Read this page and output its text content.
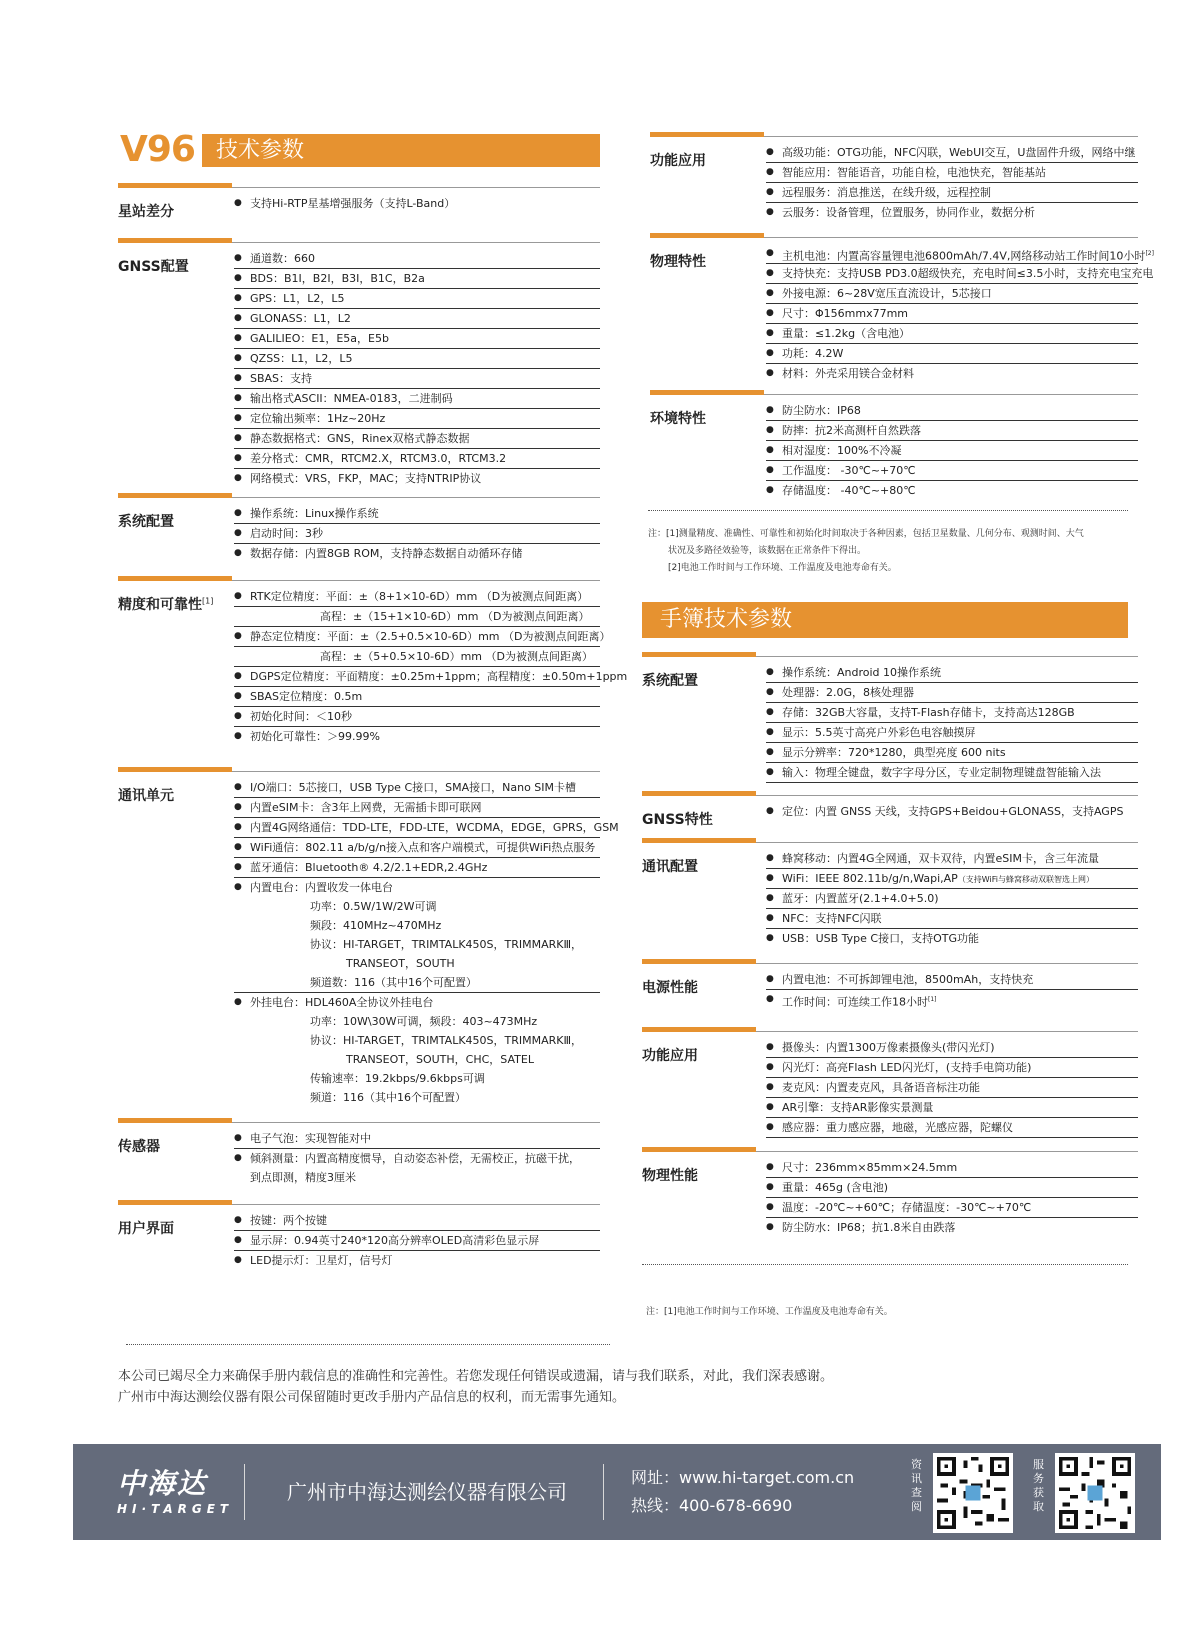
V96 技术参数
星站差分
● 支持Hi-RTP星基增强服务（支持L-Band）
GNSS配置
● 通道数：660
● BDS：B1I，B2I，B3I，B1C，B2a
● GPS：L1，L2，L5
● GLONASS：L1，L2
● GALILIEO：E1，E5a，E5b
● QZSS：L1，L2，L5
● SBAS：支持
● 输出格式ASCII：NMEA-0183，二进制码
● 定位输出频率：1Hz~20Hz
● 静态数据格式：GNS，Rinex双格式静态数据
● 差分格式：CMR，RTCM2.X，RTCM3.0，RTCM3.2
● 网络模式：VRS，FKP，MAC；支持NTRIP协议
系统配置
● 操作系统：Linux操作系统
● 启动时间：3秒
● 数据存储：内置8GB ROM，支持静态数据自动循环存储
精度和可靠性[1]	● RTK定位精度：平面：±（8+1×10-6D）mm （D为被测点间距离）
高程：±（15+1×10-6D）mm （D为被测点间距离）
● 静态定位精度：平面：±（2.5+0.5×10-6D）mm （D为被测点间距离）
高程：±（5+0.5×10-6D）mm （D为被测点间距离）
● DGPS定位精度：平面精度：±0.25m+1ppm；高程精度：±0.50m+1ppm
● SBAS定位精度：0.5m
● 初始化时间：＜10秒
● 初始化可靠性：＞99.99%
通讯单元
● I/O端口：5芯接口，USB Type C接口，SMA接口，Nano SIM卡槽
● 内置eSIM卡：含3年上网费，无需插卡即可联网
● 内置4G网络通信：TDD-LTE，FDD-LTE，WCDMA，EDGE，GPRS，GSM
● WiFi通信：802.11 a/b/g/n接入点和客户端模式，可提供WiFi热点服务
● 蓝牙通信：Bluetooth® 4.2/2.1+EDR,2.4GHz
● 内置电台：内置收发一体电台
功率：0.5W/1W/2W可调
频段：410MHz~470MHz
协议：HI-TARGET，TRIMTALK450S，TRIMMARKⅢ，
TRANSEOT，SOUTH
频道数：116（其中16个可配置）
● 外挂电台：HDL460A全协议外挂电台
功率：10W\30W可调，频段：403~473MHz
协议：HI-TARGET，TRIMTALK450S，TRIMMARKⅢ，
TRANSEOT，SOUTH，CHC，SATEL
传输速率：19.2kbps/9.6kbps可调
频道：116（其中16个可配置）
传感器
● 电子气泡：实现智能对中
● 倾斜测量：内置高精度惯导，自动姿态补偿，无需校正，抗磁干扰，
到点即测，精度3厘米
用户界面
● 按键：两个按键
● 显示屏：0.94英寸240*120高分辨率OLED高清彩色显示屏
● LED提示灯：卫星灯，信号灯
功能应用
● 高级功能：OTG功能，NFC闪联，WebUI交互，U盘固件升级，网络中继
● 智能应用：智能语音，功能自检，电池快充，智能基站
● 远程服务：消息推送，在线升级，远程控制
● 云服务：设备管理，位置服务，协同作业，数据分析
物理特性	● 主机电池：内置高容量锂电池6800mAh/7.4V,网络移动站工作时间10小时[2]
● 支持快充：支持USB PD3.0超级快充，充电时间≤3.5小时，支持充电宝充电
● 外接电源：6~28V宽压直流设计，5芯接口
● 尺寸：Φ156mmx77mm
● 重量：≤1.2kg（含电池）
● 功耗：4.2W
● 材料：外壳采用镁合金材料
环境特性
● 防尘防水：IP68
● 防摔：抗2米高测杆自然跌落
● 相对湿度：100%不冷凝
● 工作温度： -30℃~+70℃
● 存储温度： -40℃~+80℃
注：[1]测量精度、准确性、可靠性和初始化时间取决于各种因素，包括卫星数量、几何分布、观测时间、大气
状况及多路径效验等，该数据在正常条件下得出。
[2]电池工作时间与工作环境、工作温度及电池寿命有关。
手簿技术参数
系统配置
● 操作系统：Android 10操作系统
● 处理器：2.0G，8核处理器
● 存储：32GB大容量，支持T-Flash存储卡，支持高达128GB
● 显示：5.5英寸高亮户外彩色电容触摸屏
● 显示分辨率：720*1280，典型亮度 600 nits
● 输入：物理全键盘，数字字母分区，专业定制物理键盘智能输入法
GNSS特性
● 定位：内置 GNSS 天线，支持GPS+Beidou+GLONASS，支持AGPS
通讯配置
● 蜂窝移动：内置4G全网通，双卡双待，内置eSIM卡，含三年流量
● WiFi：IEEE 802.11b/g/n,Wapi,AP（支持WiFi与蜂窝移动双联智选上网）
● 蓝牙：内置蓝牙(2.1+4.0+5.0)
● NFC：支持NFC闪联
● USB：USB Type C接口，支持OTG功能
电源性能
● 内置电池：不可拆卸锂电池，8500mAh，支持快充
● 工作时间：可连续工作18小时[1]
功能应用
● 摄像头：内置1300万像素摄像头(带闪光灯)
● 闪光灯：高亮Flash LED闪光灯，(支持手电筒功能)
● 麦克风：内置麦克风，具备语音标注功能
● AR引擎：支持AR影像实景测量
● 感应器：重力感应器，地磁，光感应器，陀螺仪
物理性能
● 尺寸：236mm×85mm×24.5mm
● 重量：465g (含电池)
● 温度：-20℃~+60℃；存储温度：-30℃~+70℃
● 防尘防水：IP68；抗1.8米自由跌落
注：[1]电池工作时间与工作环境、工作温度及电池寿命有关。
本公司已竭尽全力来确保手册内载信息的准确性和完善性。若您发现任何错误或遗漏，请与我们联系，对此，我们深表感谢。
广州市中海达测绘仪器有限公司保留随时更改手册内产品信息的权利，而无需事先通知。
中海达
HI·TARGET
广州市中海达测绘仪器有限公司
网址：www.hi-target.com.cn
热线：400-678-6690
资讯查阅
服务获取
